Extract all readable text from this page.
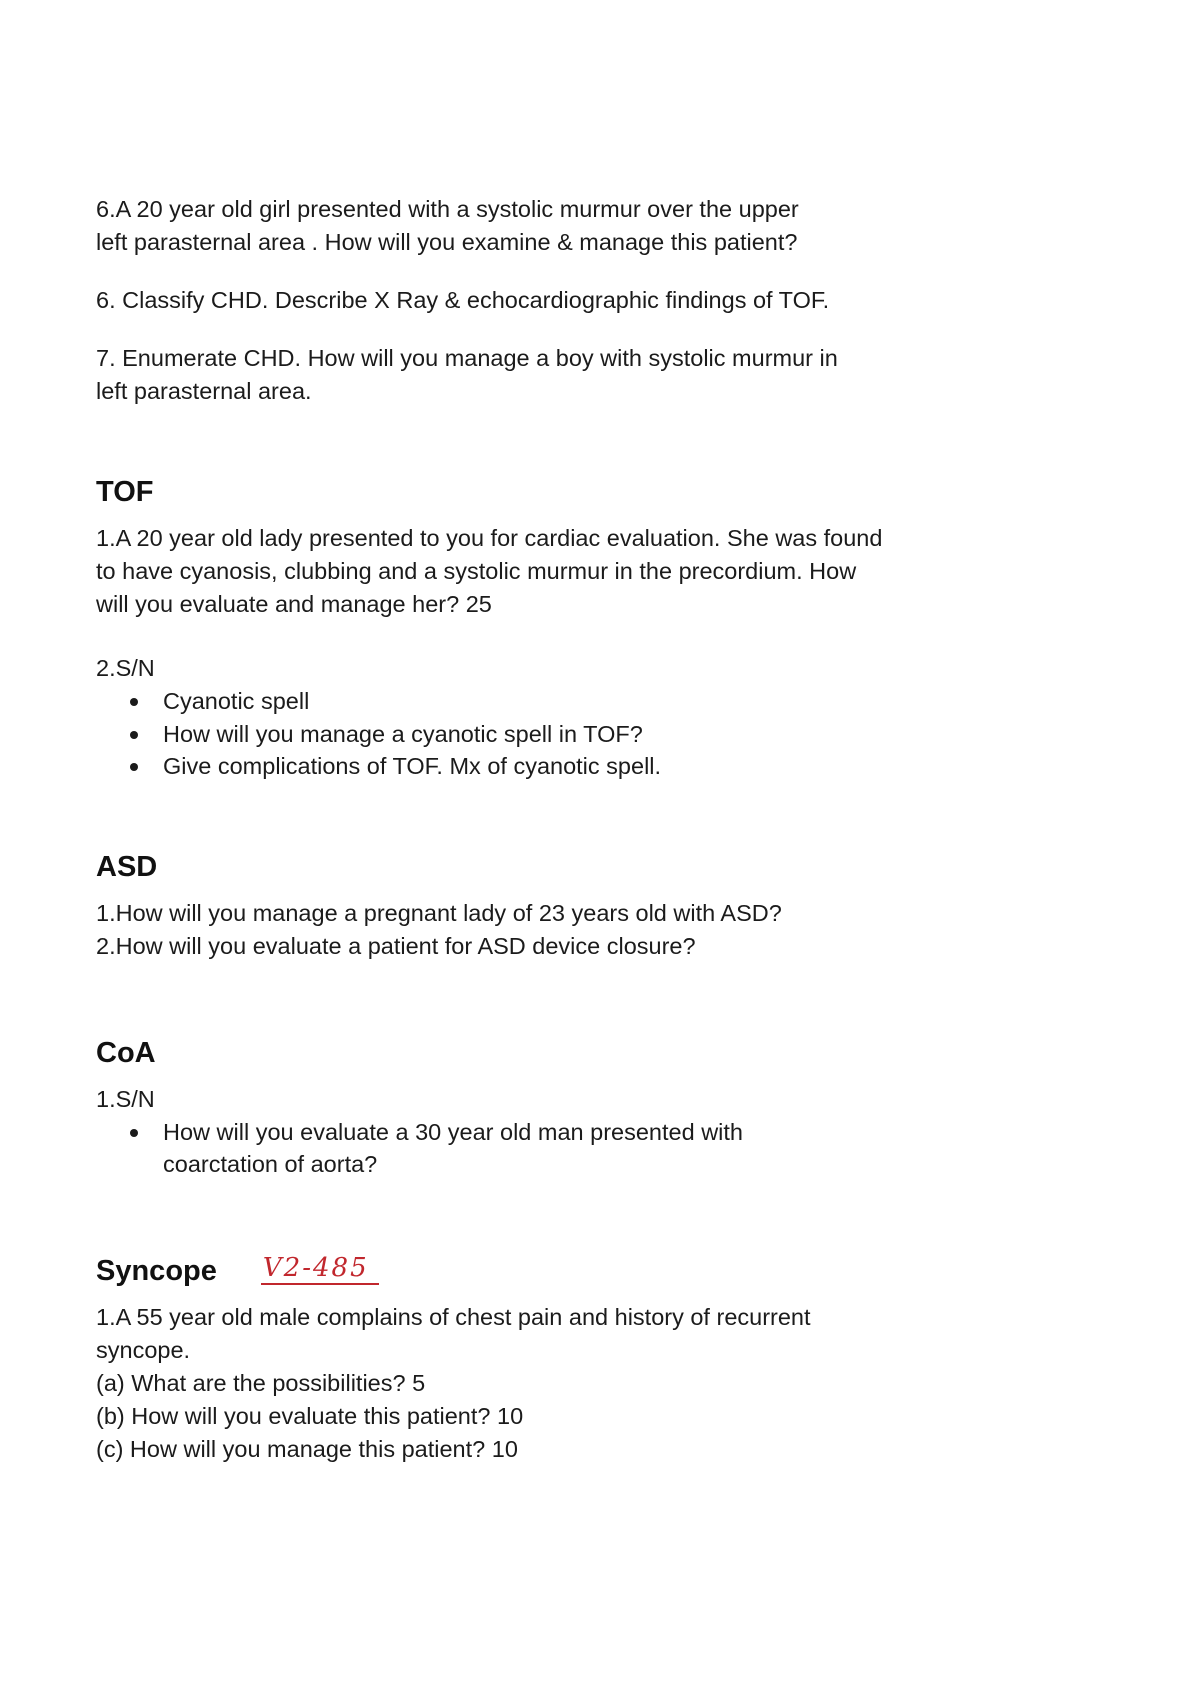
6.A 20 year old girl presented with a systolic murmur over the upper left parasternal area . How will you examine & manage this patient?

6. Classify CHD. Describe X Ray & echocardiographic findings of TOF.

7. Enumerate CHD. How will you manage a boy with systolic murmur in left parasternal area.

TOF

1.A 20 year old lady presented to you for cardiac evaluation. She was found to have cyanosis, clubbing and a systolic murmur in the precordium. How will you evaluate and manage her? 25

2.S/N

Cyanotic spell
How will you manage a cyanotic spell in TOF?
Give complications of TOF. Mx of cyanotic spell.
ASD

1.How will you manage a pregnant lady of 23 years old with ASD?

2.How will you evaluate a patient for ASD device closure?

CoA

1.S/N

How will you evaluate a 30 year old man presented with coarctation of aorta?
Syncope V2-485

1.A 55 year old male complains of chest pain and history of recurrent syncope.

(a) What are the possibilities? 5

(b) How will you evaluate this patient? 10

(c) How will you manage this patient? 10
